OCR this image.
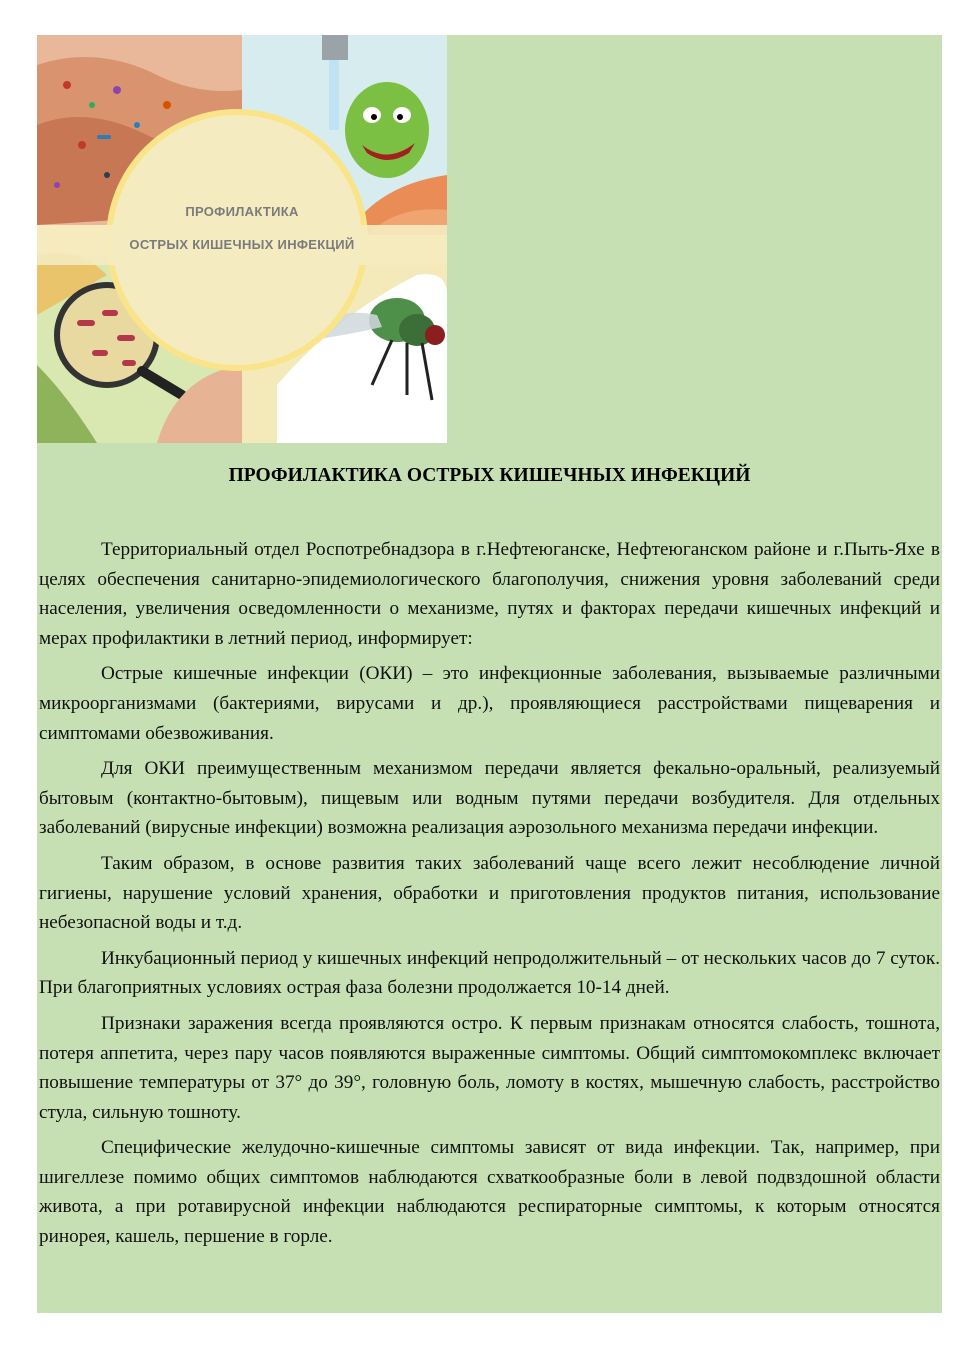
ПРОФИЛАКТИКА
ОСТРЫХ КИШЕЧНЫХ ИНФЕКЦИЙ
ПРОФИЛАКТИКА ОСТРЫХ КИШЕЧНЫХ ИНФЕКЦИЙ

Территориальный отдел Роспотребнадзора в г.Нефтеюганске, Нефтеюганском районе и г.Пыть-Яхе в целях обеспечения санитарно-эпидемиологического благополучия, снижения уровня заболеваний среди населения, увеличения осведомленности о механизме, путях и факторах передачи кишечных инфекций и мерах профилактики в летний период, информирует:

Острые кишечные инфекции (ОКИ) – это инфекционные заболевания, вызываемые различными микроорганизмами (бактериями, вирусами и др.), проявляющиеся расстройствами пищеварения и симптомами обезвоживания.

Для ОКИ преимущественным механизмом передачи является фекально-оральный, реализуемый бытовым (контактно-бытовым), пищевым или водным путями передачи возбудителя. Для отдельных заболеваний (вирусные инфекции) возможна реализация аэрозольного механизма передачи инфекции.

Таким образом, в основе развития таких заболеваний чаще всего лежит несоблюдение личной гигиены, нарушение условий хранения, обработки и приготовления продуктов питания, использование небезопасной воды и т.д.

Инкубационный период у кишечных инфекций непродолжительный – от нескольких часов до 7 суток. При благоприятных условиях острая фаза болезни продолжается 10-14 дней.

Признаки заражения всегда проявляются остро. К первым признакам относятся слабость, тошнота, потеря аппетита, через пару часов появляются выраженные симптомы. Общий симптомокомплекс включает повышение температуры от 37° до 39°, головную боль, ломоту в костях, мышечную слабость, расстройство стула, сильную тошноту.

Специфические желудочно-кишечные симптомы зависят от вида инфекции. Так, например, при шигеллезе помимо общих симптомов наблюдаются схваткообразные боли в левой подвздошной области живота, а при ротавирусной инфекции наблюдаются респираторные симптомы, к которым относятся ринорея, кашель, першение в горле.
